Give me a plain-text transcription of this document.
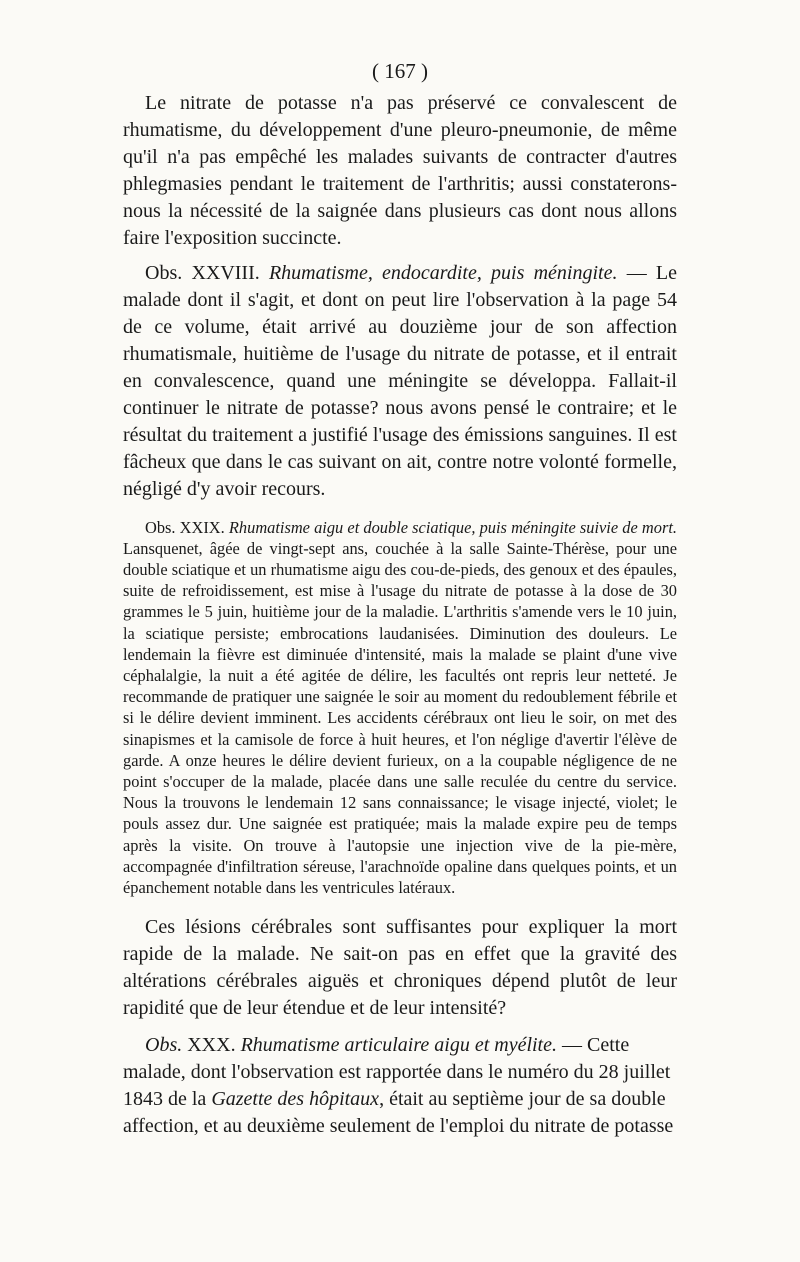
( 167 )

Le nitrate de potasse n'a pas préservé ce convalescent de rhumatisme, du développement d'une pleuro-pneumonie, de même qu'il n'a pas empêché les malades suivants de contracter d'autres phlegmasies pendant le traitement de l'arthritis; aussi constaterons-nous la nécessité de la saignée dans plusieurs cas dont nous allons faire l'exposition succincte.

Obs. XXVIII. Rhumatisme, endocardite, puis méningite. — Le malade dont il s'agit, et dont on peut lire l'observation à la page 54 de ce volume, était arrivé au douzième jour de son affection rhumatismale, huitième de l'usage du nitrate de potasse, et il entrait en convalescence, quand une méningite se développa. Fallait-il continuer le nitrate de potasse? nous avons pensé le contraire; et le résultat du traitement a justifié l'usage des émissions sanguines. Il est fâcheux que dans le cas suivant on ait, contre notre volonté formelle, négligé d'y avoir recours.

Obs. XXIX. Rhumatisme aigu et double sciatique, puis méningite suivie de mort. Lansquenet, âgée de vingt-sept ans, couchée à la salle Sainte-Thérèse, pour une double sciatique et un rhumatisme aigu des cou-de-pieds, des genoux et des épaules, suite de refroidissement, est mise à l'usage du nitrate de potasse à la dose de 30 grammes le 5 juin, huitième jour de la maladie. L'arthritis s'amende vers le 10 juin, la sciatique persiste; embrocations laudanisées. Diminution des douleurs. Le lendemain la fièvre est diminuée d'intensité, mais la malade se plaint d'une vive céphalalgie, la nuit a été agitée de délire, les facultés ont repris leur netteté. Je recommande de pratiquer une saignée le soir au moment du redoublement fébrile et si le délire devient imminent. Les accidents cérébraux ont lieu le soir, on met des sinapismes et la camisole de force à huit heures, et l'on néglige d'avertir l'élève de garde. A onze heures le délire devient furieux, on a la coupable négligence de ne point s'occuper de la malade, placée dans une salle reculée du centre du service. Nous la trouvons le lendemain 12 sans connaissance; le visage injecté, violet; le pouls assez dur. Une saignée est pratiquée; mais la malade expire peu de temps après la visite. On trouve à l'autopsie une injection vive de la pie-mère, accompagnée d'infiltration séreuse, l'arachnoïde opaline dans quelques points, et un épanchement notable dans les ventricules latéraux.

Ces lésions cérébrales sont suffisantes pour expliquer la mort rapide de la malade. Ne sait-on pas en effet que la gravité des altérations cérébrales aiguës et chroniques dépend plutôt de leur rapidité que de leur étendue et de leur intensité?

Obs. XXX. Rhumatisme articulaire aigu et myélite. — Cette malade, dont l'observation est rapportée dans le numéro du 28 juillet 1843 de la Gazette des hôpitaux, était au septième jour de sa double affection, et au deuxième seulement de l'emploi du nitrate de potasse
